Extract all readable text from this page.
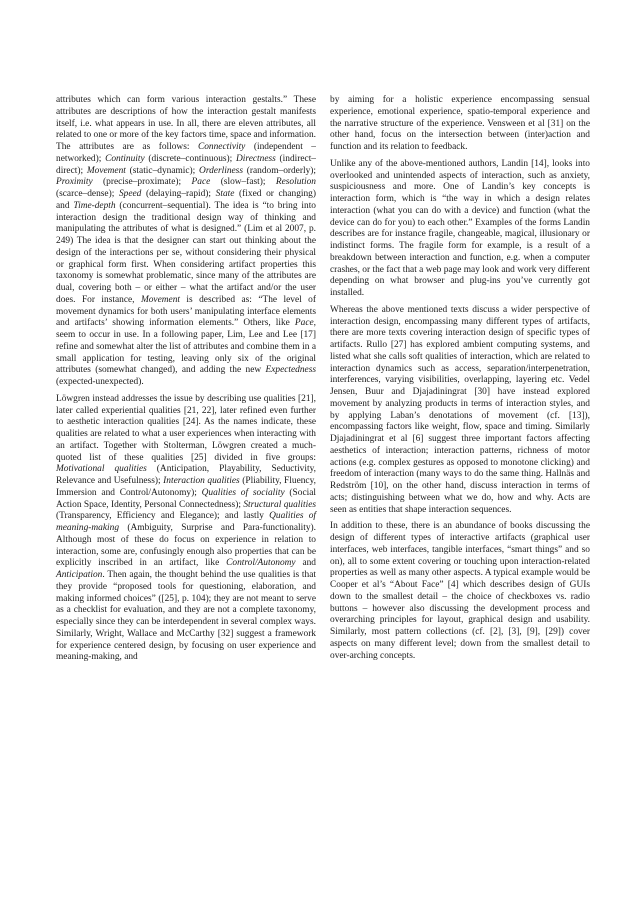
attributes which can form various interaction gestalts.” These attributes are descriptions of how the interaction gestalt manifests itself, i.e. what appears in use. In all, there are eleven attributes, all related to one or more of the key factors time, space and information. The attributes are as follows: Connectivity (independent – networked); Continuity (discrete–continuous); Directness (indirect–direct); Movement (static–dynamic); Orderliness (random–orderly); Proximity (precise–proximate); Pace (slow–fast); Resolution (scarce–dense); Speed (delaying–rapid); State (fixed or changing) and Time-depth (concurrent–sequential). The idea is “to bring into interaction design the traditional design way of thinking and manipulating the attributes of what is designed.” (Lim et al 2007, p. 249) The idea is that the designer can start out thinking about the design of the interactions per se, without considering their physical or graphical form first. When considering artifact properties this taxonomy is somewhat problematic, since many of the attributes are dual, covering both – or either – what the artifact and/or the user does. For instance, Movement is described as: “The level of movement dynamics for both users’ manipulating interface elements and artifacts’ showing information elements.” Others, like Pace, seem to occur in use. In a following paper, Lim, Lee and Lee [17] refine and somewhat alter the list of attributes and combine them in a small application for testing, leaving only six of the original attributes (somewhat changed), and adding the new Expectedness (expected-unexpected).

Löwgren instead addresses the issue by describing use qualities [21], later called experiential qualities [21, 22], later refined even further to aesthetic interaction qualities [24]. As the names indicate, these qualities are related to what a user experiences when interacting with an artifact. Together with Stolterman, Löwgren created a much-quoted list of these qualities [25] divided in five groups: Motivational qualities (Anticipation, Playability, Seductivity, Relevance and Usefulness); Interaction qualities (Pliability, Fluency, Immersion and Control/Autonomy); Qualities of sociality (Social Action Space, Identity, Personal Connectedness); Structural qualities (Transparency, Efficiency and Elegance); and lastly Qualities of meaning-making (Ambiguity, Surprise and Para-functionality). Although most of these do focus on experience in relation to interaction, some are, confusingly enough also properties that can be explicitly inscribed in an artifact, like Control/Autonomy and Anticipation. Then again, the thought behind the use qualities is that they provide “proposed tools for questioning, elaboration, and making informed choices” ([25], p. 104); they are not meant to serve as a checklist for evaluation, and they are not a complete taxonomy, especially since they can be interdependent in several complex ways. Similarly, Wright, Wallace and McCarthy [32] suggest a framework for experience centered design, by focusing on user experience and meaning-making, and

by aiming for a holistic experience encompassing sensual experience, emotional experience, spatio-temporal experience and the narrative structure of the experience. Vensween et al [31] on the other hand, focus on the intersection between (inter)action and function and its relation to feedback.

Unlike any of the above-mentioned authors, Landin [14], looks into overlooked and unintended aspects of interaction, such as anxiety, suspiciousness and more. One of Landin’s key concepts is interaction form, which is “the way in which a design relates interaction (what you can do with a device) and function (what the device can do for you) to each other.” Examples of the forms Landin describes are for instance fragile, changeable, magical, illusionary or indistinct forms. The fragile form for example, is a result of a breakdown between interaction and function, e.g. when a computer crashes, or the fact that a web page may look and work very different depending on what browser and plug-ins you’ve currently got installed.

Whereas the above mentioned texts discuss a wider perspective of interaction design, encompassing many different types of artifacts, there are more texts covering interaction design of specific types of artifacts. Rullo [27] has explored ambient computing systems, and listed what she calls soft qualities of interaction, which are related to interaction dynamics such as access, separation/interpenetration, interferences, varying visibilities, overlapping, layering etc. Vedel Jensen, Buur and Djajadiningrat [30] have instead explored movement by analyzing products in terms of interaction styles, and by applying Laban’s denotations of movement (cf. [13]), encompassing factors like weight, flow, space and timing. Similarly Djajadiningrat et al [6] suggest three important factors affecting aesthetics of interaction; interaction patterns, richness of motor actions (e.g. complex gestures as opposed to monotone clicking) and freedom of interaction (many ways to do the same thing. Hallnäs and Redström [10], on the other hand, discuss interaction in terms of acts; distinguishing between what we do, how and why. Acts are seen as entities that shape interaction sequences.

In addition to these, there is an abundance of books discussing the design of different types of interactive artifacts (graphical user interfaces, web interfaces, tangible interfaces, “smart things” and so on), all to some extent covering or touching upon interaction-related properties as well as many other aspects. A typical example would be Cooper et al’s “About Face” [4] which describes design of GUIs down to the smallest detail – the choice of checkboxes vs. radio buttons – however also discussing the development process and overarching principles for layout, graphical design and usability. Similarly, most pattern collections (cf. [2], [3], [9], [29]) cover aspects on many different level; down from the smallest detail to over-arching concepts.
